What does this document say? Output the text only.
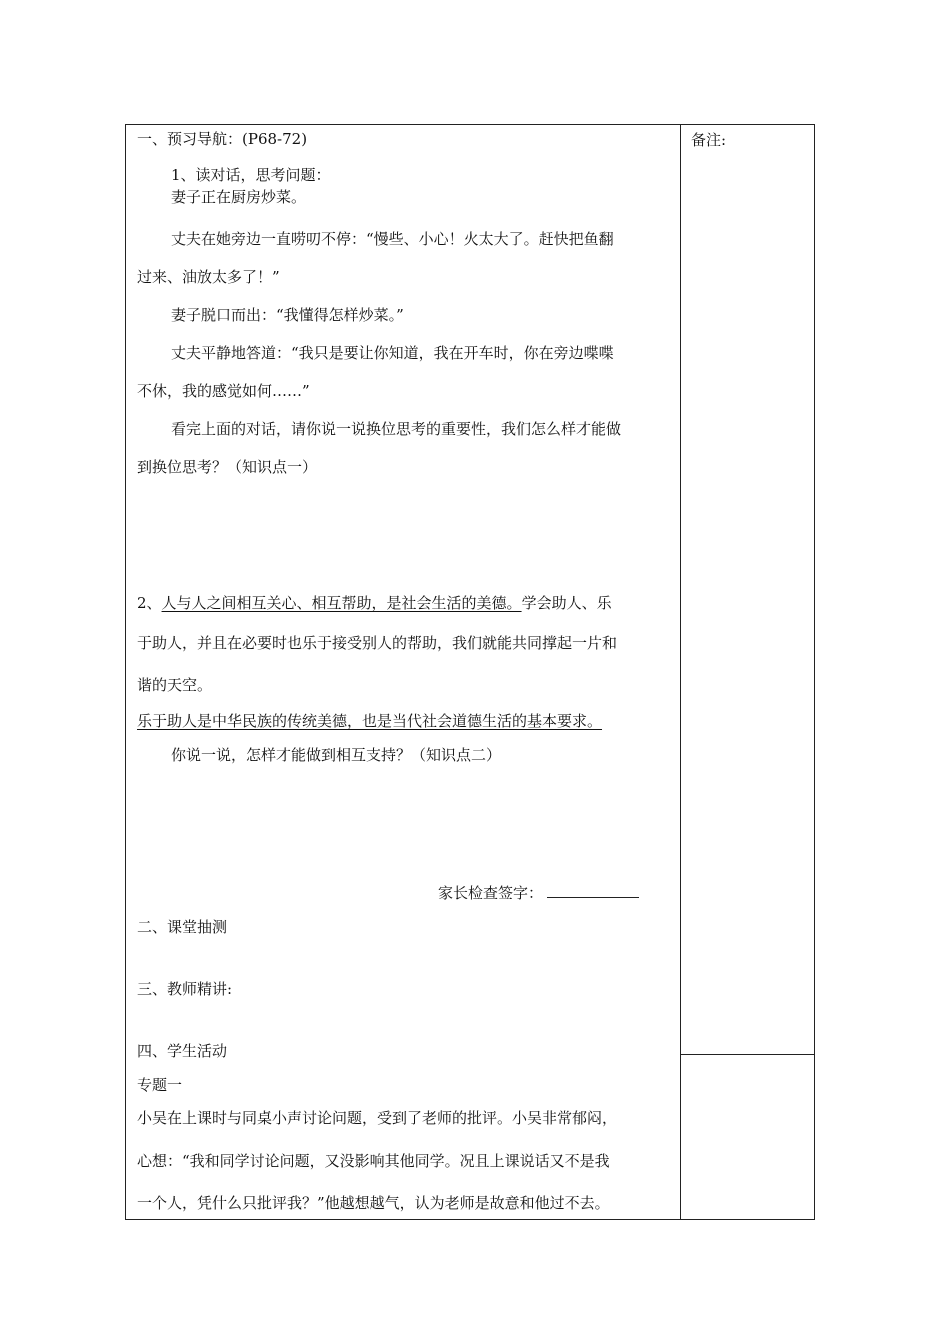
备注:
一、预习导航：(P68-72)
1、读对话，思考问题：
妻子正在厨房炒菜。
丈夫在她旁边一直唠叨不停：“慢些、小心！火太大了。赶快把鱼翻
过来、油放太多了！”
妻子脱口而出：“我懂得怎样炒菜。”
丈夫平静地答道：“我只是要让你知道，我在开车时，你在旁边喋喋
不休，我的感觉如何……”
看完上面的对话，请你说一说换位思考的重要性，我们怎么样才能做
到换位思考？（知识点一）
2、人与人之间相互关心、相互帮助，是社会生活的美德。学会助人、乐
于助人，并且在必要时也乐于接受别人的帮助，我们就能共同撑起一片和
谐的天空。
乐于助人是中华民族的传统美德，也是当代社会道德生活的基本要求。
你说一说，怎样才能做到相互支持？（知识点二）
家长检查签字：
二、课堂抽测
三、教师精讲:
四、学生活动
专题一
小吴在上课时与同桌小声讨论问题，受到了老师的批评。小吴非常郁闷，
心想：“我和同学讨论问题，又没影响其他同学。况且上课说话又不是我
一个人，凭什么只批评我？”他越想越气，认为老师是故意和他过不去。
